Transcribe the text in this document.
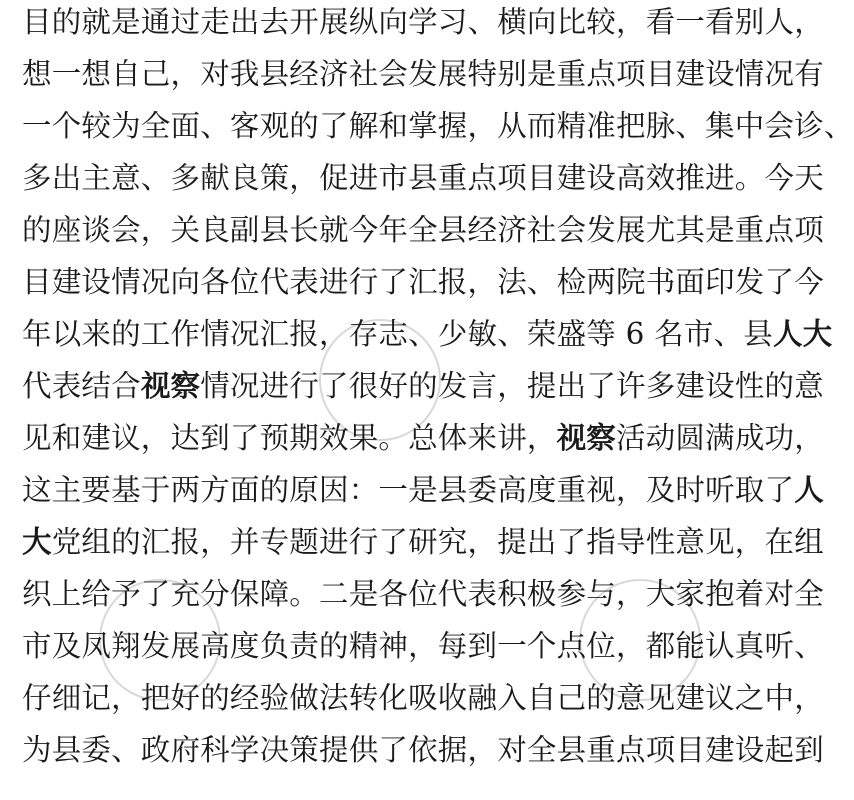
目的就是通过走出去开展纵向学习、横向比较，看一看别人，
想一想自己，对我县经济社会发展特别是重点项目建设情况有
一个较为全面、客观的了解和掌握，从而精准把脉、集中会诊、
多出主意、多献良策，促进市县重点项目建设高效推进。今天
的座谈会，关良副县长就今年全县经济社会发展尤其是重点项
目建设情况向各位代表进行了汇报，法、检两院书面印发了今
年以来的工作情况汇报，存志、少敏、荣盛等 6 名市、县人大
代表结合视察情况进行了很好的发言，提出了许多建设性的意
见和建议，达到了预期效果。总体来讲，视察活动圆满成功，
这主要基于两方面的原因：一是县委高度重视，及时听取了人
大党组的汇报，并专题进行了研究，提出了指导性意见，在组
织上给予了充分保障。二是各位代表积极参与，大家抱着对全
市及凤翔发展高度负责的精神，每到一个点位，都能认真听、
仔细记，把好的经验做法转化吸收融入自己的意见建议之中，
为县委、政府科学决策提供了依据，对全县重点项目建设起到
